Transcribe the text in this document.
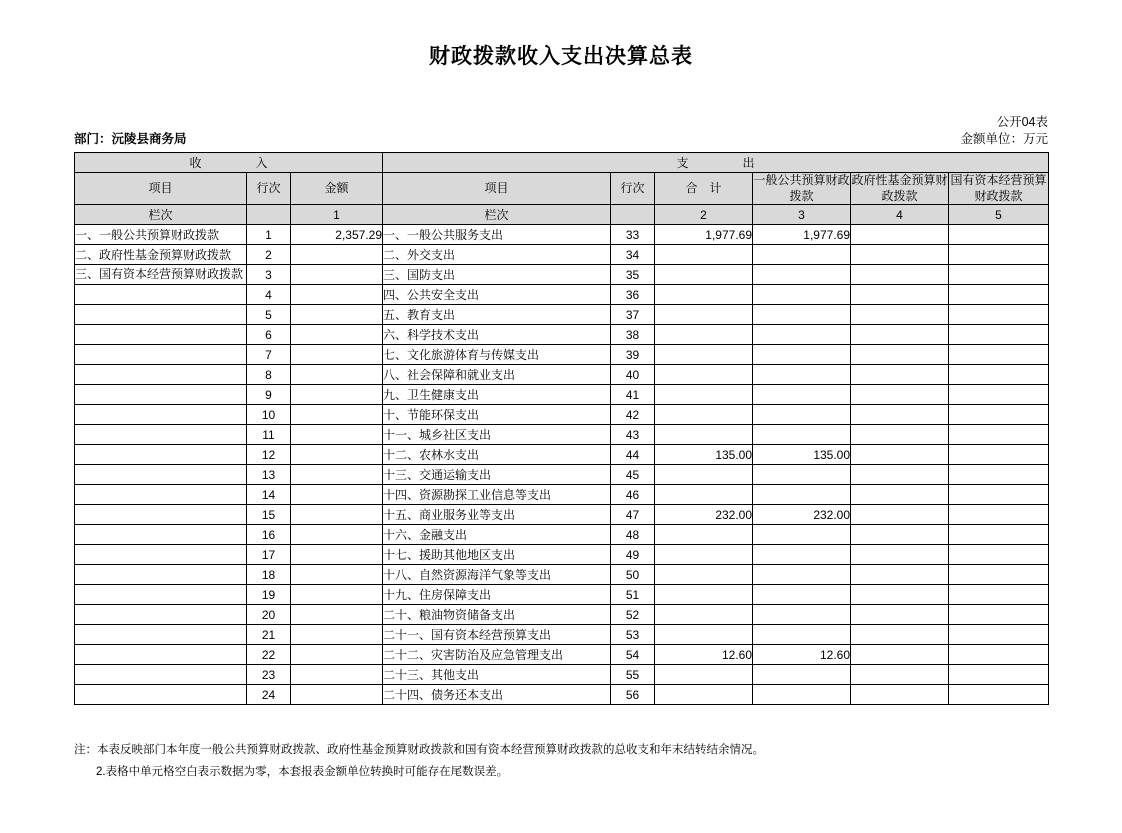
财政拨款收入支出决算总表
公开04表
部门：沅陵县商务局	金额单位：万元
收　　入			支　　出					
项目	行次	金额	项目	行次	合　计	一般公共预算财政拨款	政府性基金预算财政拨款	国有资本经营预算财政拨款
栏次		1	栏次		2	3	4	5
一、一般公共预算财政拨款	1	2,357.29	一、一般公共服务支出	33	1,977.69	1,977.69		
二、政府性基金预算财政拨款	2		二、外交支出	34				
三、国有资本经营预算财政拨款	3		三、国防支出	35				
	4		四、公共安全支出	36				
	5		五、教育支出	37				
	6		六、科学技术支出	38				
	7		七、文化旅游体育与传媒支出	39				
	8		八、社会保障和就业支出	40				
	9		九、卫生健康支出	41				
	10		十、节能环保支出	42				
	11		十一、城乡社区支出	43				
	12		十二、农林水支出	44	135.00	135.00		
	13		十三、交通运输支出	45				
	14		十四、资源勘探工业信息等支出	46				
	15		十五、商业服务业等支出	47	232.00	232.00		
	16		十六、金融支出	48				
	17		十七、援助其他地区支出	49				
	18		十八、自然资源海洋气象等支出	50				
	19		十九、住房保障支出	51				
	20		二十、粮油物资储备支出	52				
	21		二十一、国有资本经营预算支出	53				
	22		二十二、灾害防治及应急管理支出	54	12.60	12.60		
	23		二十三、其他支出	55				
	24		二十四、债务还本支出	56				
注：本表反映部门本年度一般公共预算财政拨款、政府性基金预算财政拨款和国有资本经营预算财政拨款的总收支和年末结转结余情况。
2.表格中单元格空白表示数据为零，本套报表金额单位转换时可能存在尾数误差。
